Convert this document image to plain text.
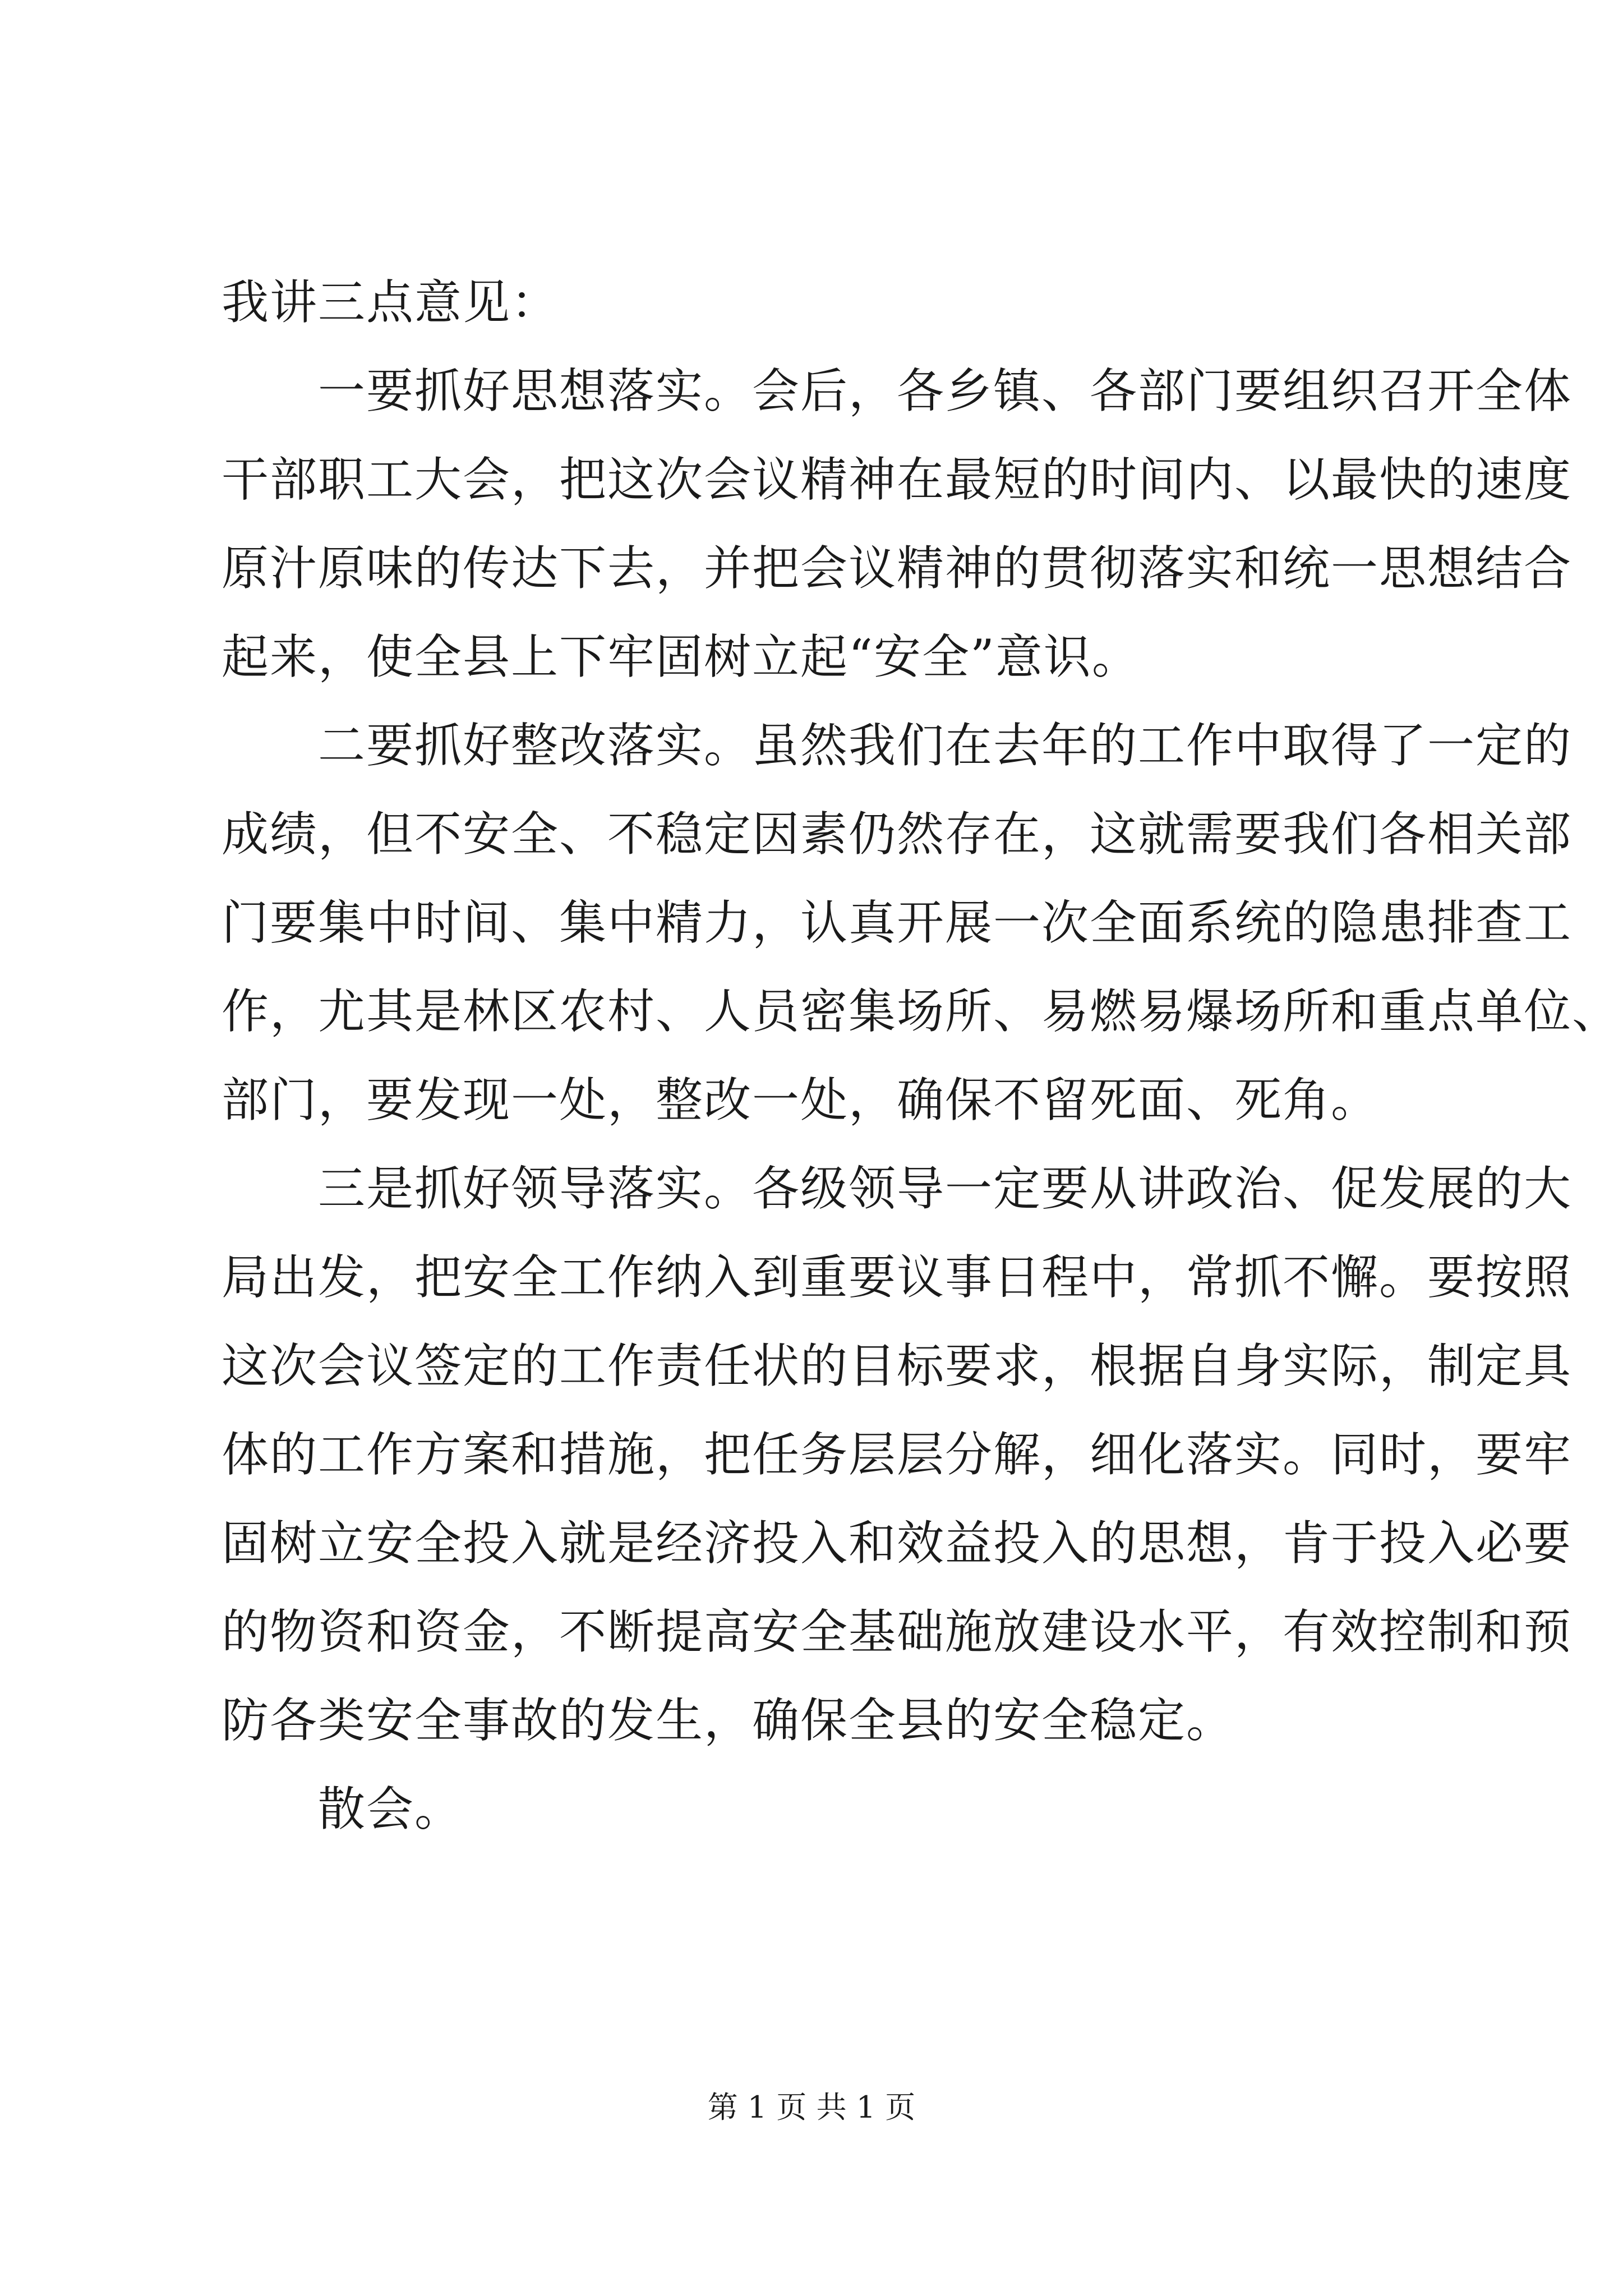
我讲三点意见：
一要抓好思想落实。会后，各乡镇、各部门要组织召开全体
干部职工大会，把这次会议精神在最短的时间内、以最快的速度
原汁原味的传达下去，并把会议精神的贯彻落实和统一思想结合
起来，使全县上下牢固树立起“安全”意识。
二要抓好整改落实。虽然我们在去年的工作中取得了一定的
成绩，但不安全、不稳定因素仍然存在，这就需要我们各相关部
门要集中时间、集中精力，认真开展一次全面系统的隐患排查工
作，尤其是林区农村、人员密集场所、易燃易爆场所和重点单位、
部门，要发现一处，整改一处，确保不留死面、死角。
三是抓好领导落实。各级领导一定要从讲政治、促发展的大
局出发，把安全工作纳入到重要议事日程中，常抓不懈。要按照
这次会议签定的工作责任状的目标要求，根据自身实际，制定具
体的工作方案和措施，把任务层层分解，细化落实。同时，要牢
固树立安全投入就是经济投入和效益投入的思想，肯于投入必要
的物资和资金，不断提高安全基础施放建设水平，有效控制和预
防各类安全事故的发生，确保全县的安全稳定。
散会。
第 1 页 共 1 页
